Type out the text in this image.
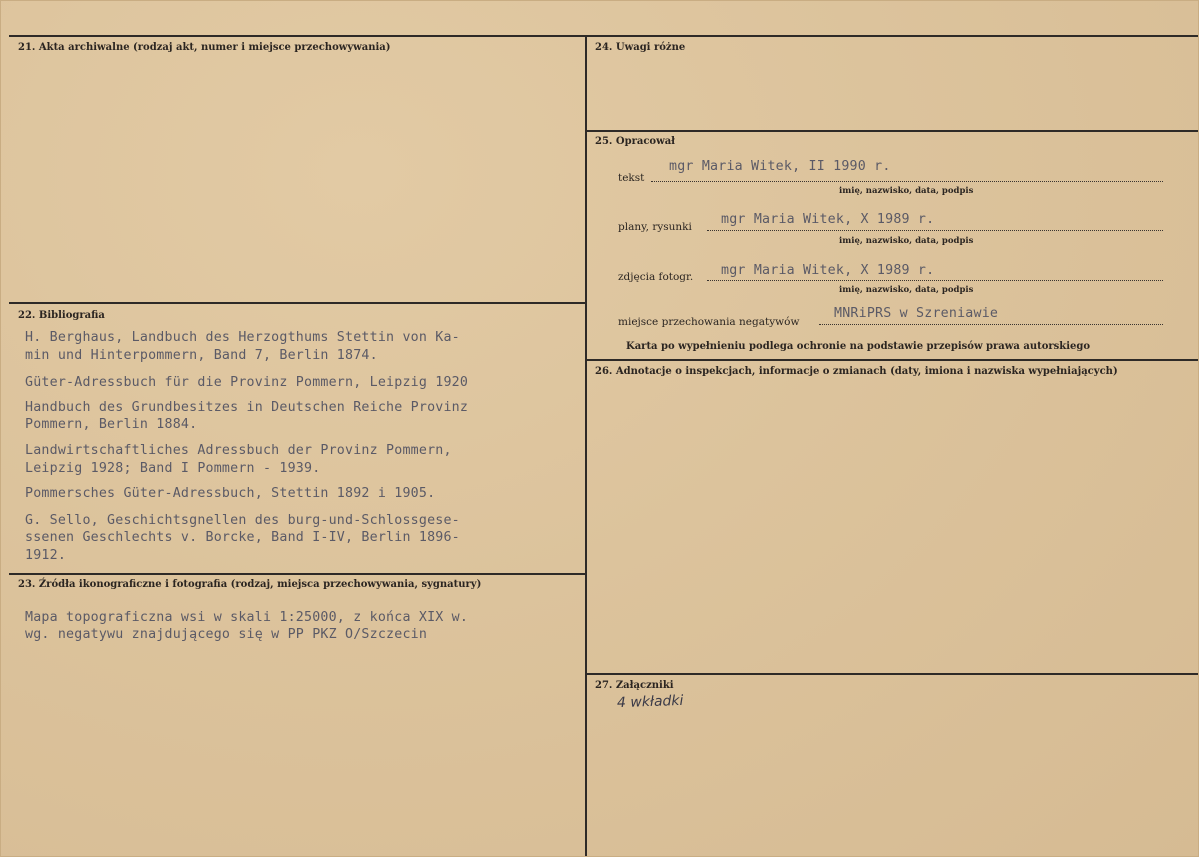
21. Akta archiwalne (rodzaj akt, numer i miejsce przechowywania)
22. Bibliografia
H. Berghaus, Landbuch des Herzogthums Stettin von Ka-
min und Hinterpommern, Band 7, Berlin 1874.
Güter-Adressbuch für die Provinz Pommern, Leipzig 1920
Handbuch des Grundbesitzes in Deutschen Reiche Provinz
Pommern, Berlin 1884.
Landwirtschaftliches Adressbuch der Provinz Pommern,
Leipzig 1928; Band I Pommern - 1939.
Pommersches Güter-Adressbuch, Stettin 1892 i 1905.
G. Sello, Geschichtsgnellen des burg-und-Schlossgese-
ssenen Geschlechts v. Borcke, Band I-IV, Berlin 1896-
1912.
23. Źródła ikonograficzne i fotografia (rodzaj, miejsca przechowywania, sygnatury)
Mapa topograficzna wsi w skali 1:25000, z końca XIX w.
wg. negatywu znajdującego się w PP PKZ O/Szczecin
24. Uwagi różne
25. Opracował
tekst
mgr Maria Witek, II 1990 r.
imię, nazwisko, data, podpis
plany, rysunki mgr Maria Witek, X 1989 r.
imię, nazwisko, data, podpis
zdjęcia fotogr. mgr Maria Witek, X 1989 r.
imię, nazwisko, data, podpis
miejsce przechowania negatywów
MNRiPRS w Szreniawie
Karta po wypełnieniu podlega ochronie na podstawie przepisów prawa autorskiego
26. Adnotacje o inspekcjach, informacje o zmianach (daty, imiona i nazwiska wypełniających)
27. Załączniki
4 wkładki
